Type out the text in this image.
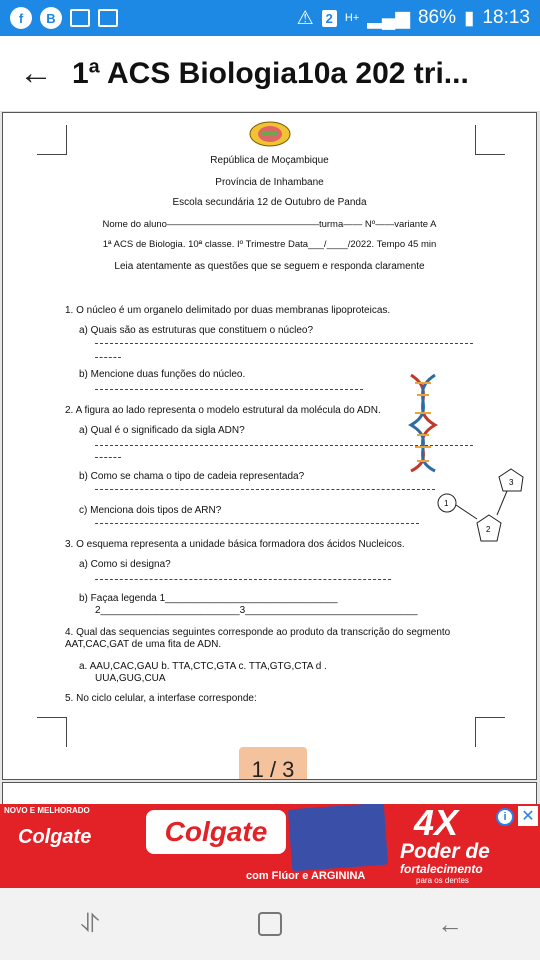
f	B	⚠ 2	H+ ▂▄▆ 86% ▮ 18:13
← 1ª ACS Biologia10a 202 tri...
República de Moçambique
Província de Inhambane
Escola secundária 12 de Outubro de Panda
Nome do aluno————————————————turma—— Nº——variante A
1ª ACS de Biologia. 10ª classe. Iº Trimestre Data___/____/2022. Tempo 45 min
Leia atentamente as questões que se seguem e responda claramente
1. O núcleo é um organelo delimitado por duas membranas lipoproteicas.
a) Quais são as estruturas que constituem o núcleo?
b) Mencione duas funções do núcleo.
2. A figura ao lado representa o modelo estrutural da molécula do ADN.
a) Qual é o significado da sigla ADN?
b) Como se chama o tipo de cadeia representada?
c) Menciona dois tipos de ARN?
3. O esquema representa a unidade básica formadora dos ácidos Nucleicos.
a) Como si designa?
b) Façaa legenda 1_______________________________
2_________________________3_______________________________
4. Qual das sequencias seguintes corresponde ao produto da transcrição do segmento
AAT,CAC,GAT de uma fita de ADN.
a. AAU,CAC,GAU b. TTA,CTC,GTA c. TTA,GTG,CTA d .
UUA,GUG,CUA
5. No ciclo celular, a interfase corresponde:
3
1
2
1 / 3
NOVO E MELHORADO
Colgate	Colgate	4X
Poder de
fortalecimento
para os dentes
com Flúor e ARGININA
i ✕
⥯	←
